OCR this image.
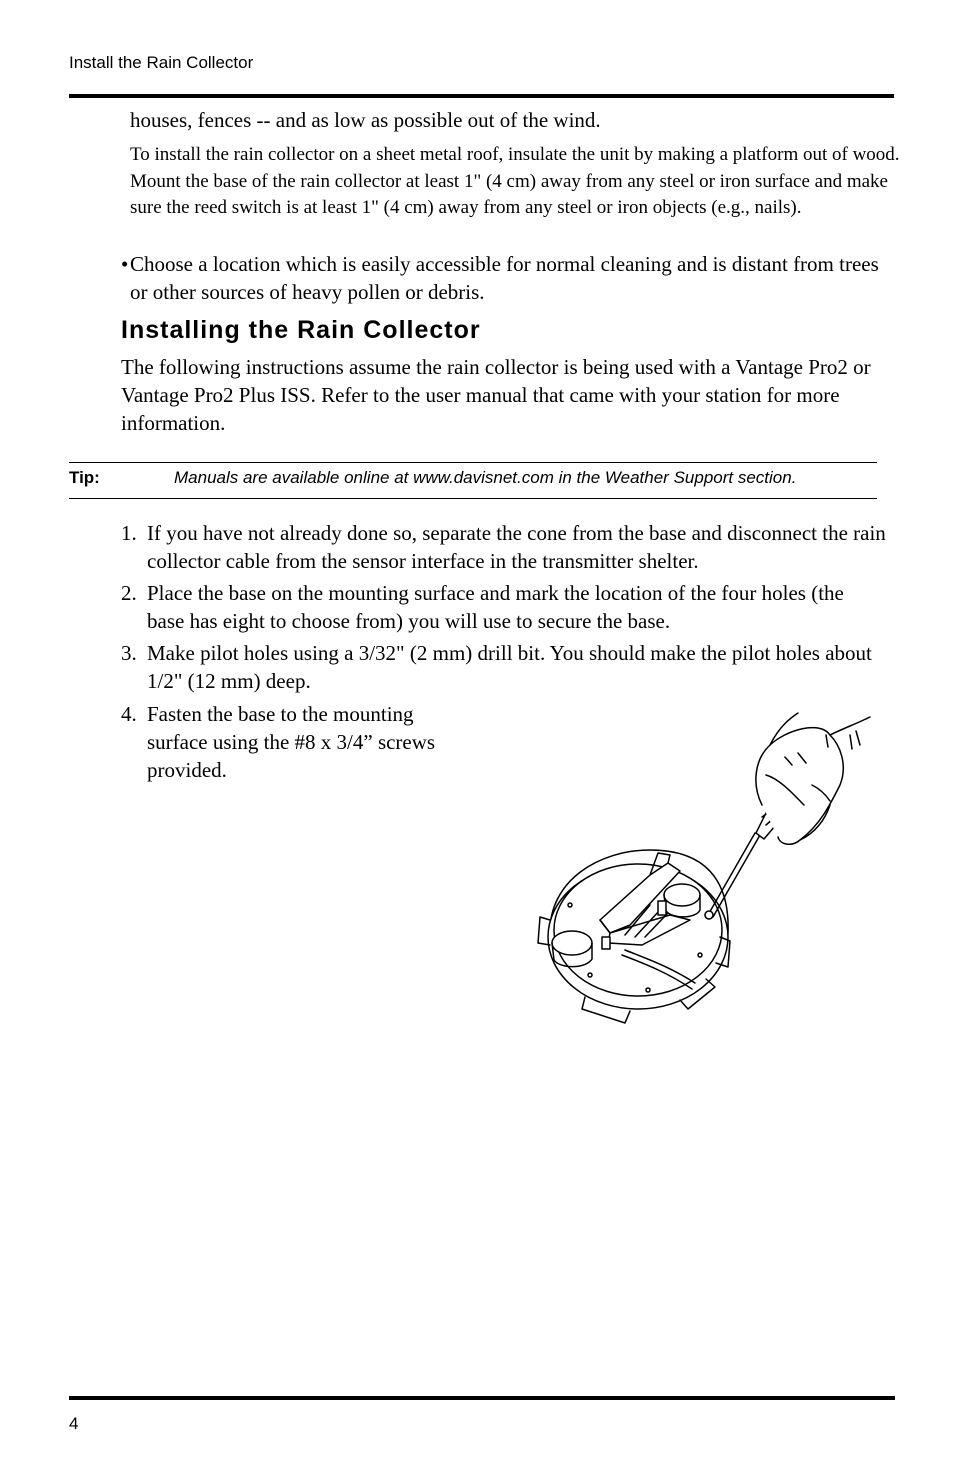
Install the Rain Collector

houses, fences -- and as low as possible out of the wind.

To install the rain collector on a sheet metal roof, insulate the unit by making a platform out of wood. Mount the base of the rain collector at least 1" (4 cm) away from any steel or iron surface and make sure the reed switch is at least 1" (4 cm) away from any steel or iron objects (e.g., nails).

• Choose a location which is easily accessible for normal cleaning and is distant from trees or other sources of heavy pollen or debris.
Installing the Rain Collector

The following instructions assume the rain collector is being used with a Vantage Pro2 or Vantage Pro2 Plus ISS. Refer to the user manual that came with your station for more information.

Tip:	Manuals are available online at www.davisnet.com in the Weather Support section.
1. If you have not already done so, separate the cone from the base and disconnect the rain collector cable from the sensor interface in the transmitter shelter.
2. Place the base on the mounting surface and mark the location of the four holes (the base has eight to choose from) you will use to secure the base.
3. Make pilot holes using a 3/32" (2 mm) drill bit. You should make the pilot holes about 1/2" (12 mm) deep.
4. Fasten the base to the mounting surface using the #8 x 3/4” screws provided.
4
